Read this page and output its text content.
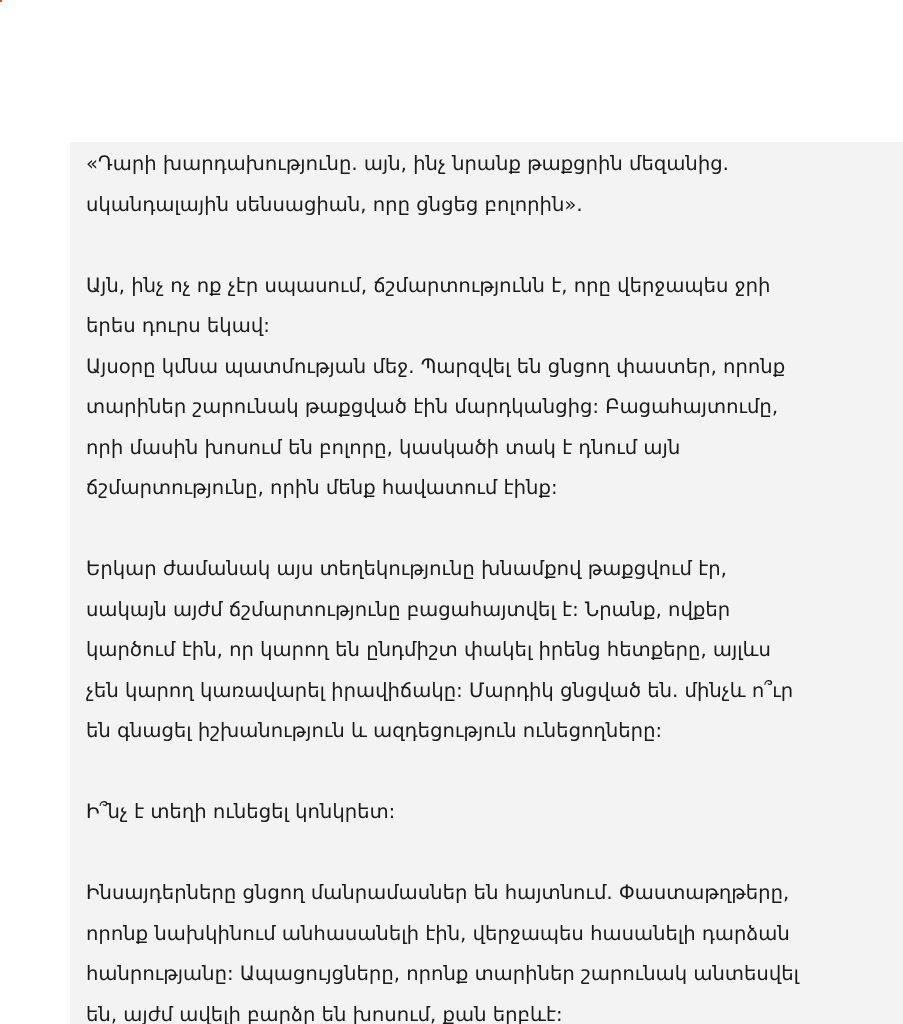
«Դարի խարդախությունը. այն, ինչ նրանք թաքցրին մեզանից.
սկանդալային սենսացիան, որը ցնցեց բոլորին».

Այն, ինչ ոչ ոք չէր սպասում, ճշմարտությունն է, որը վերջապես ջրի
երես դուրս եկավ:
Այսօրը կմնա պատմության մեջ. Պարզվել են ցնցող փաստեր, որոնք
տարիներ շարունակ թաքցված էին մարդկանցից: Բացահայտումը,
որի մասին խոսում են բոլորը, կասկածի տակ է դնում այն
ճշմարտությունը, որին մենք հավատում էինք:

Երկար ժամանակ այս տեղեկությունը խնամքով թաքցվում էր,
սակայն այժմ ճշմարտությունը բացահայտվել է: Նրանք, ովքեր
կարծում էին, որ կարող են ընդմիշտ փակել իրենց հետքերը, այլևս
չեն կարող կառավարել իրավիճակը: Մարդիկ ցնցված են. մինչև ո՞ւր
են գնացել իշխանություն և ազդեցություն ունեցողները:

Ի՞նչ է տեղի ունեցել կոնկրետ:

Ինսայդերները ցնցող մանրամասներ են հայտնում. Փաստաթղթերը,
որոնք նախկինում անհասանելի էին, վերջապես հասանելի դարձան
հանրությանը: Ապացույցները, որոնք տարիներ շարունակ անտեսվել
են, այժմ ավելի բարձր են խոսում, քան երբևէ:
